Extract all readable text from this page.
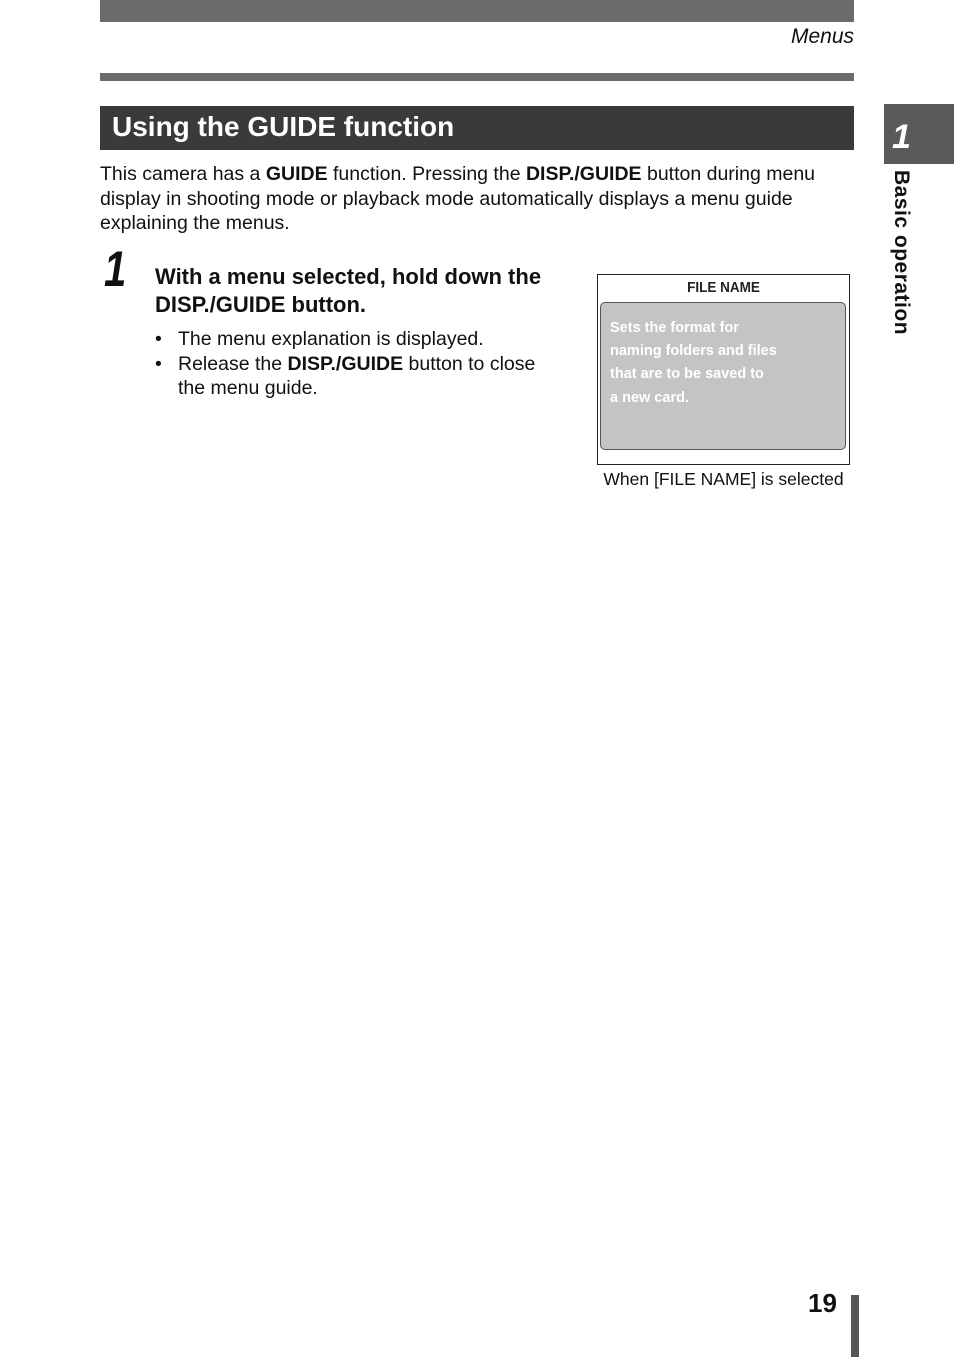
Menus
1
Basic operation
Using the GUIDE function

This camera has a GUIDE function. Pressing the DISP./GUIDE button during menu display in shooting mode or playback mode automatically displays a menu guide explaining the menus.

1 With a menu selected, hold down the DISP./GUIDE button.
• The menu explanation is displayed.
• Release the DISP./GUIDE button to close the menu guide.
FILE NAME
Sets the format for
naming folders and files
that are to be saved to
a new card.
When [FILE NAME] is selected
19
